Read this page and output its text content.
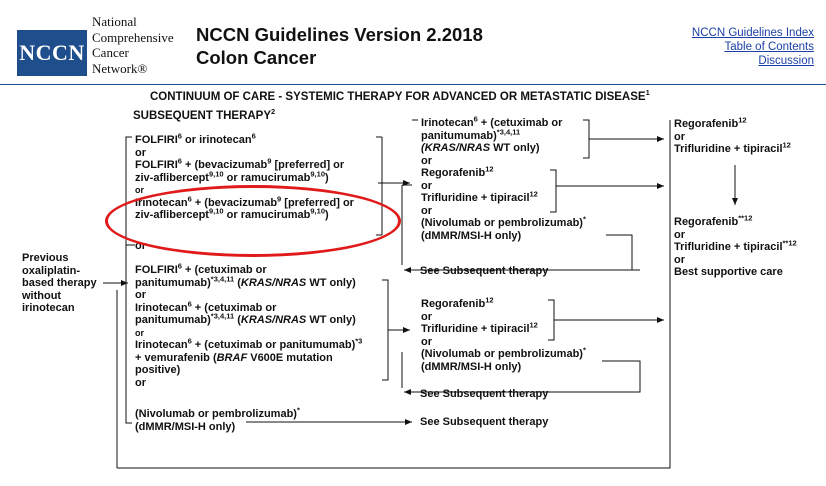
NCCN
National
Comprehensive
Cancer
Network®
NCCN Guidelines Version 2.2018
Colon Cancer
NCCN Guidelines Index
Table of Contents
Discussion
CONTINUUM OF CARE - SYSTEMIC THERAPY FOR ADVANCED OR METASTATIC DISEASE$^1$
SUBSEQUENT THERAPY$^2$
Previous
oxaliplatin-
based therapy
without
irinotecan
FOLFIRI$^6$ or irinotecan$^6$
or
$FOLFIRI^6$ + (bevacizumab$^9$ [preferred] or
ziv-aflibercept$^{9,10}$ or ramucirumab$^{9,10}$)
or
Irinotecan$^6$ + (bevacizumab$^9$ [preferred] or
ziv-aflibercept$^{9,10}$ or ramucirumab$^{9,10}$)
or
$FOLFIRI^6$ + (cetuximab or
panitumumab)$^{*3,4,11}$ (KRAS/NRAS WT only)
or
Irinotecan$^6$ + (cetuximab or
panitumumab)$^{*3,4,11}$ (KRAS/NRAS WT only)
or
Irinotecan$^6$ + (cetuximab or panitumumab)$^{*3}$
+ vemurafenib (BRAF V600E mutation
positive)
or
(Nivolumab or pembrolizumab)*
(dMMR/MSI-H only)
Irinotecan$^6$ + (cetuximab or
panitumumab)$^{*3,4,11}$
(KRAS/NRAS WT only)
or
Regorafenib$^{12}$
or
Trifluridine + tipiracil$^{12}$
or
(Nivolumab or pembrolizumab)*
(dMMR/MSI-H only)
See Subsequent therapy
Regorafenib$^{12}$
or
Trifluridine + tipiracil$^{12}$
or
(Nivolumab or pembrolizumab)*
(dMMR/MSI-H only)
See Subsequent therapy
See Subsequent therapy
Regorafenib$^{12}$
or
Trifluridine + tipiracil$^{12}$
Regorafenib$^{**12}$
or
Trifluridine + tipiracil$^{**12}$
or
Best supportive care
